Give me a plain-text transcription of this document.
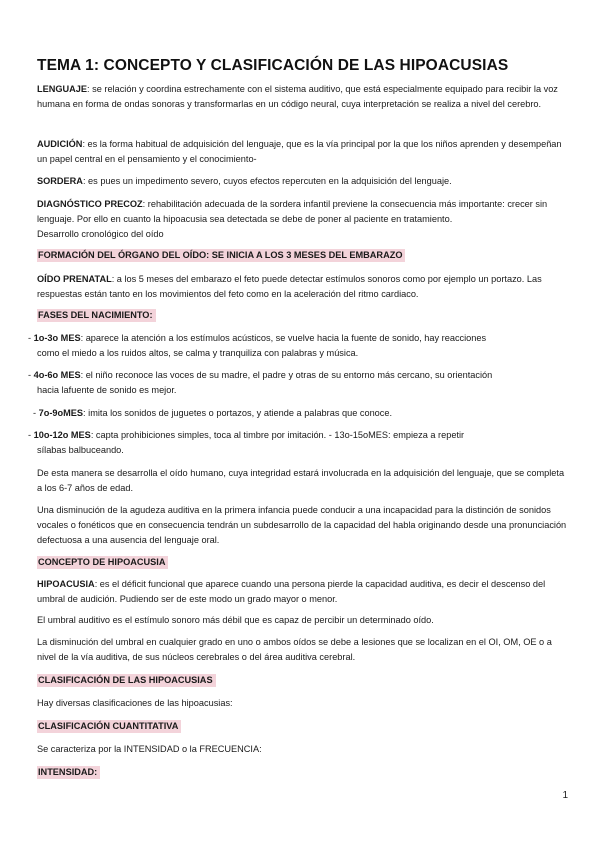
TEMA 1: CONCEPTO Y CLASIFICACIÓN DE LAS HIPOACUSIAS
LENGUAJE: se relación y coordina estrechamente con el sistema auditivo, que está especialmente equipado para recibir la voz humana en forma de ondas sonoras y transformarlas en un código neural, cuya interpretación se realiza a nivel del cerebro.
AUDICIÓN: es la forma habitual de adquisición del lenguaje, que es la vía principal por la que los niños aprenden y desempeñan un papel central en el pensamiento y el conocimiento-
SORDERA: es pues un impedimento severo, cuyos efectos repercuten en la adquisición del lenguaje.
DIAGNÓSTICO PRECOZ: rehabilitación adecuada de la sordera infantil previene la consecuencia más importante: crecer sin lenguaje. Por ello en cuanto la hipoacusia sea detectada se debe de poner al paciente en tratamiento.
Desarrollo cronológico del oído
FORMACIÓN DEL ÓRGANO DEL OÍDO: SE INICIA A LOS 3 MESES DEL EMBARAZO
OÍDO PRENATAL: a los 5 meses del embarazo el feto puede detectar estímulos sonoros como por ejemplo un portazo. Las respuestas están tanto en los movimientos del feto como en la aceleración del ritmo cardiaco.
FASES DEL NACIMIENTO:
- 1o-3o MES: aparece la atención a los estímulos acústicos, se vuelve hacia la fuente de sonido, hay reacciones
como el miedo a los ruidos altos, se calma y tranquiliza con palabras y música.
- 4o-6o MES: el niño reconoce las voces de su madre, el padre y otras de su entorno más cercano, su orientación
hacia lafuente de sonido es mejor.
- 7o-9oMES: imita los sonidos de juguetes o portazos, y atiende a palabras que conoce.
- 10o-12o MES: capta prohibiciones simples, toca al timbre por imitación. - 13o-15oMES: empieza a repetir
sílabas balbuceando.
De esta manera se desarrolla el oído humano, cuya integridad estará involucrada en la adquisición del lenguaje, que se completa a los 6-7 años de edad.
Una disminución de la agudeza auditiva en la primera infancia puede conducir a una incapacidad para la distinción de sonidos vocales o fonéticos que en consecuencia tendrán un subdesarrollo de la capacidad del habla originando desde una pronunciación defectuosa a una ausencia del lenguaje oral.
CONCEPTO DE HIPOACUSIA
HIPOACUSIA: es el déficit funcional que aparece cuando una persona pierde la capacidad auditiva, es decir el descenso del umbral de audición. Pudiendo ser de este modo un grado mayor o menor.
El umbral auditivo es el estímulo sonoro más débil que es capaz de percibir un determinado oído.
La disminución del umbral en cualquier grado en uno o ambos oídos se debe a lesiones que se localizan en el OI, OM, OE o a nivel de la vía auditiva, de sus núcleos cerebrales o del área auditiva cerebral.
CLASIFICACIÓN DE LAS HIPOACUSIAS
Hay diversas clasificaciones de las hipoacusias:
CLASIFICACIÓN CUANTITATIVA
Se caracteriza por la INTENSIDAD o la FRECUENCIA:
INTENSIDAD:
1
